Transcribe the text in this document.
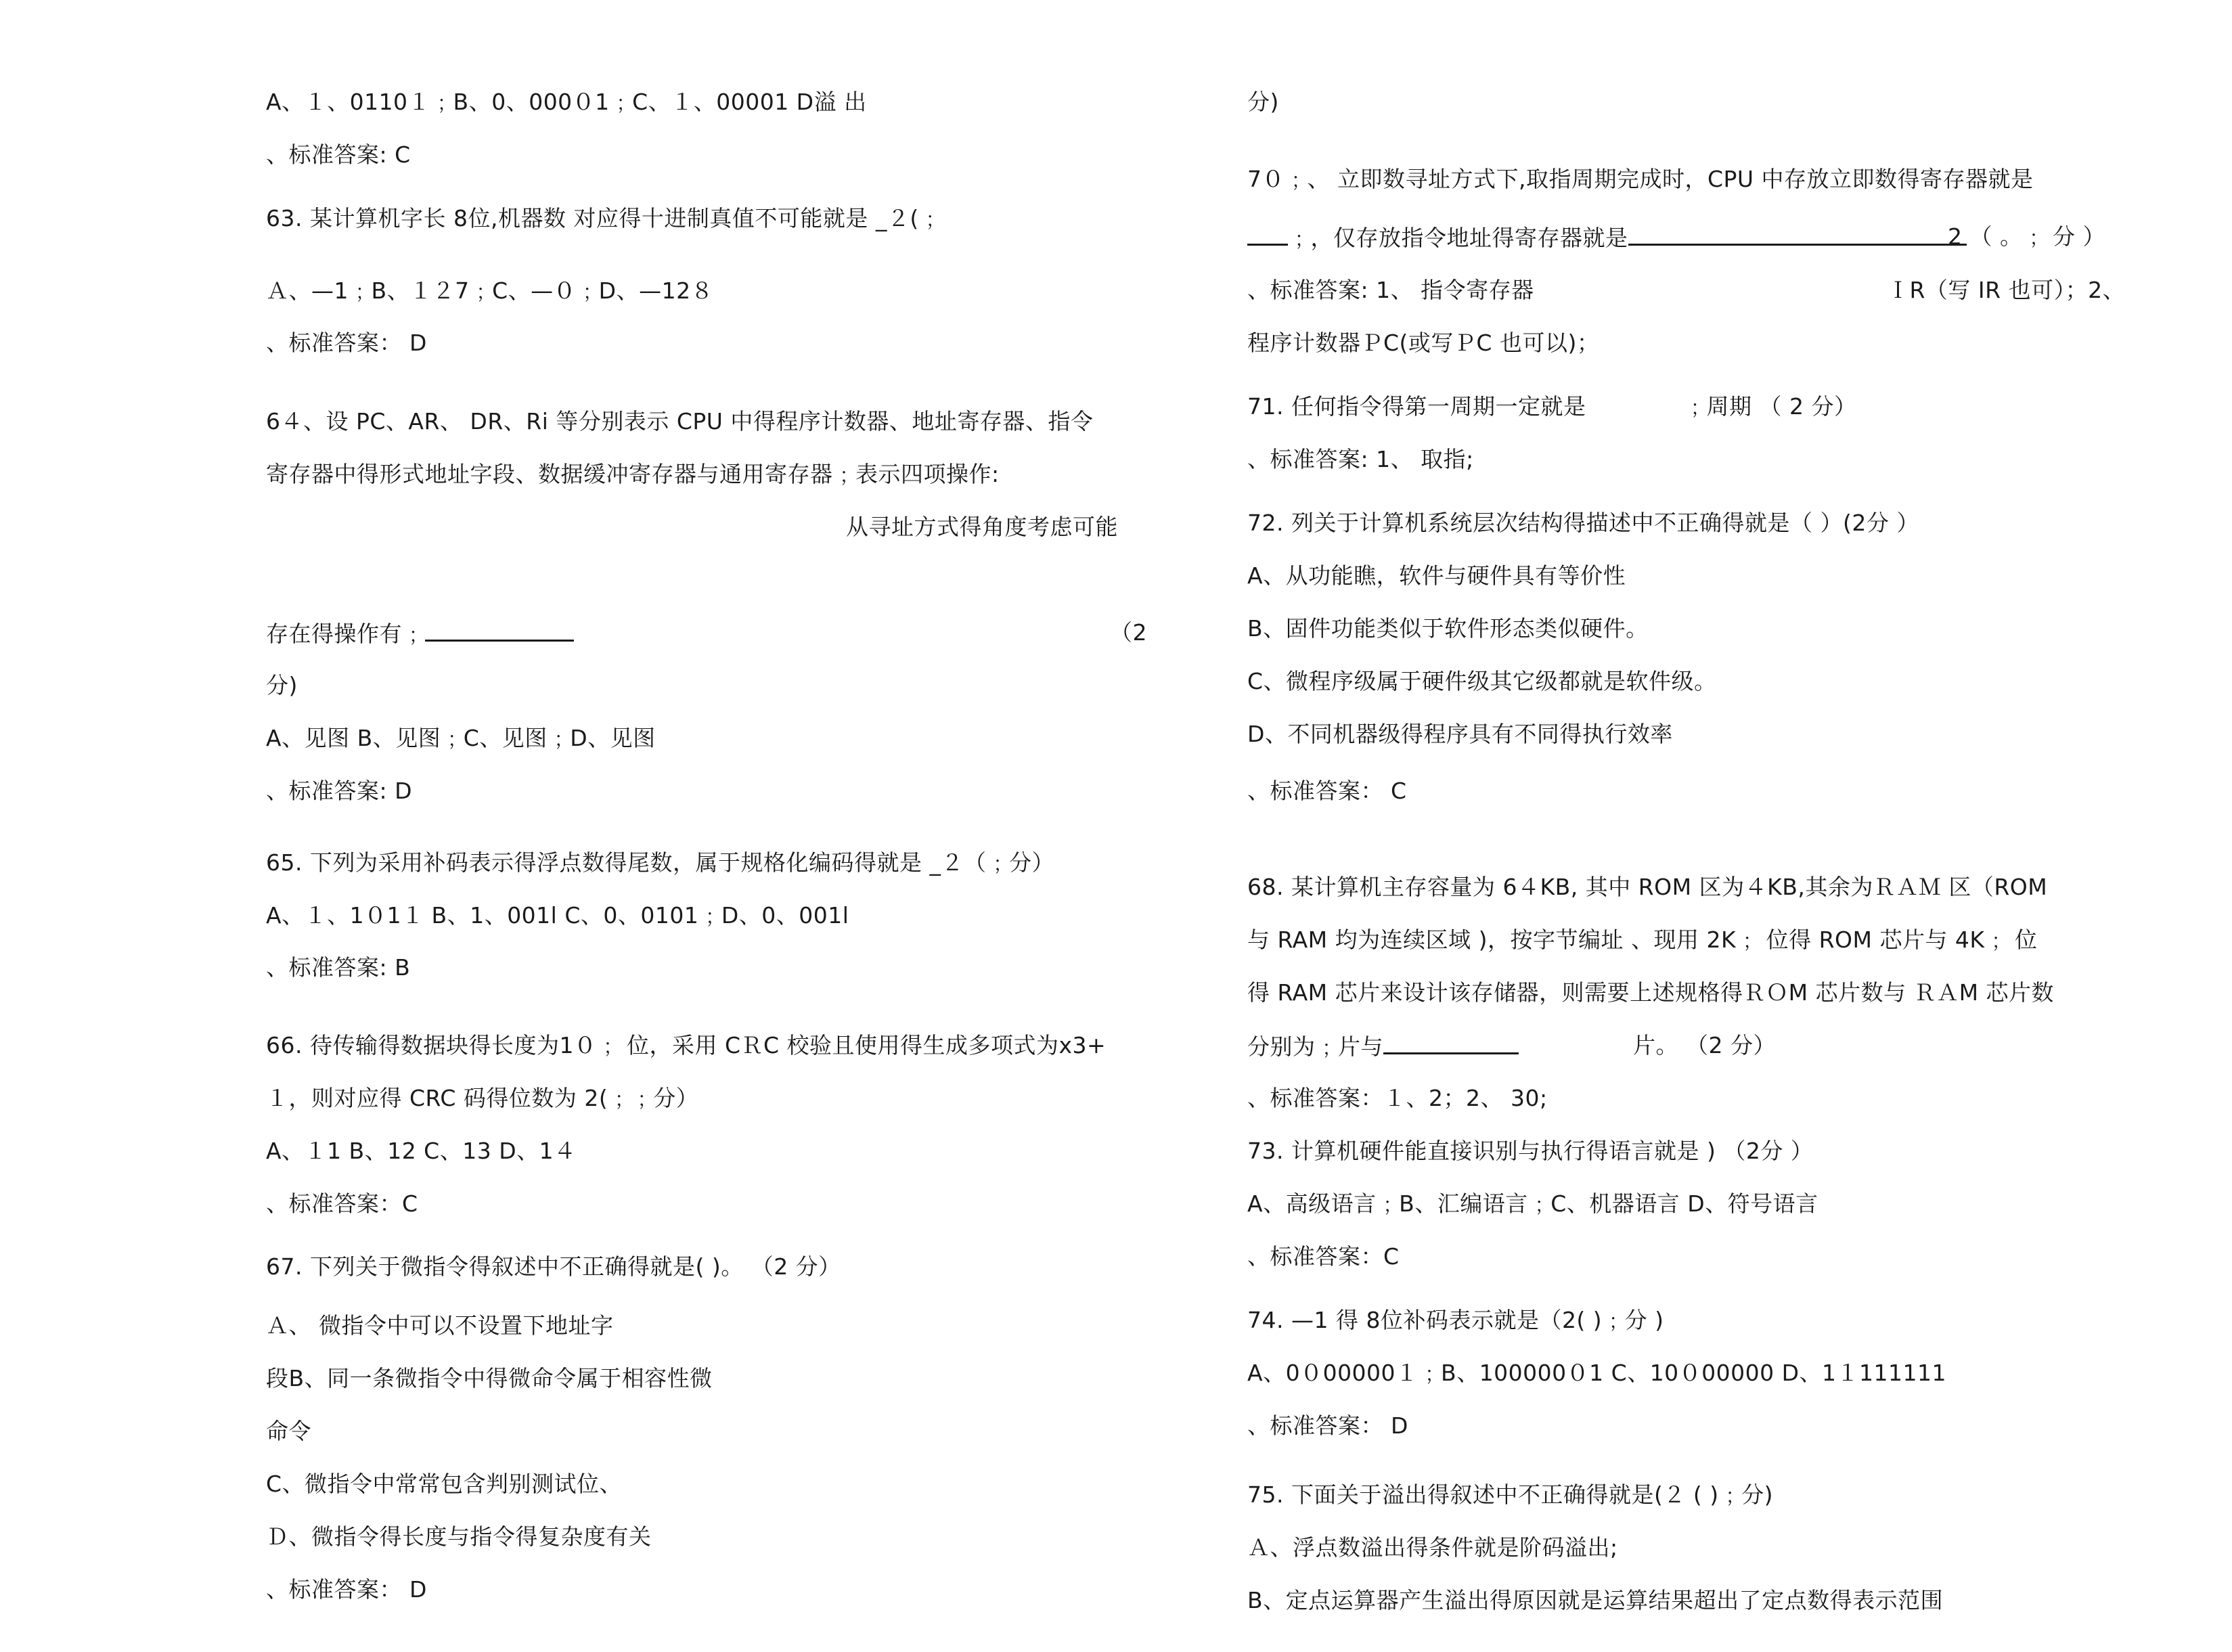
A、１、0110１﹔B、0、000０1﹔C、１、00001 D溢 出
、标准答案: C
63. 某计算机字长 8位,机器数 对应得十进制真值不可能就是 _２(﹔
Ａ、—1﹔B、１２7﹔C、—０﹔D、—12８
、标准答案： D
6４、设 PC、AR、 DR、Ri 等分别表示 CPU 中得程序计数器、地址寄存器、指令
寄存器中得形式地址字段、数据缓冲寄存器与通用寄存器﹔表示四项操作:
从寻址方式得角度考虑可能
存在得操作有﹔	（2
分)
A、见图 B、见图﹔C、见图﹔D、见图
、标准答案: D
65. 下列为采用补码表示得浮点数得尾数，属于规格化编码得就是 _２（﹔分）
A、１、1０1１ B、1、001l C、0、0101﹔D、0、001l
、标准答案: B
66. 待传输得数据块得长度为1０﹔ 位，采用 CＲC 校验且使用得生成多项式为x3+
１，则对应得 CRC 码得位数为 2(﹔﹔分）
A、１1 B、12 C、13 D、1４
、标准答案：C
67. 下列关于微指令得叙述中不正确得就是( )。 （2 分）
Ａ、 微指令中可以不设置下地址字
段B、同一条微指令中得微命令属于相容性微
命令
C、微指令中常常包含判别测试位、
Ｄ、微指令得长度与指令得复杂度有关
、标准答案： D
分)
7０﹔、 立即数寻址方式下,取指周期完成时，CPU 中存放立即数得寄存器就是
﹔，仅存放指令地址得寄存器就是	2 （ 。﹔ 分 ）
、标准答案: 1、 指令寄存器	ＩR（写 IR 也可）；2、
程序计数器ＰC(或写ＰC 也可以)；
71. 任何指令得第一周期一定就是	﹔周期 （ 2 分）
、标准答案: 1、 取指;
72. 列关于计算机系统层次结构得描述中不正确得就是（ ）(2分 ）
A、从功能瞧，软件与硬件具有等价性
B、固件功能类似于软件形态类似硬件。
C、微程序级属于硬件级其它级都就是软件级。
D、不同机器级得程序具有不同得执行效率
、标准答案： C
68. 某计算机主存容量为 6４KB, 其中 ROM 区为４KB,其余为ＲＡＭ 区（ROM
与 RAM 均为连续区域 )，按字节编址 、现用 2K﹔ 位得 ROM 芯片与 4K﹔ 位
得 RAM 芯片来设计该存储器，则需要上述规格得ＲＯM 芯片数与 ＲＡM 芯片数
分别为﹔片与	片。 （2 分）
、标准答案：１、2；2、 30;
73. 计算机硬件能直接识别与执行得语言就是 ) （2分 ）
A、高级语言﹔B、汇编语言﹔C、机器语言 D、符号语言
、标准答案：C
74. —1 得 8位补码表示就是（2( )﹔分 )
A、0０00000１﹔B、100000０1 C、10０00000 D、1１111111
、标准答案： D
75. 下面关于溢出得叙述中不正确得就是(２ ( )﹔分)
Ａ、浮点数溢出得条件就是阶码溢出;
B、定点运算器产生溢出得原因就是运算结果超出了定点数得表示范围
